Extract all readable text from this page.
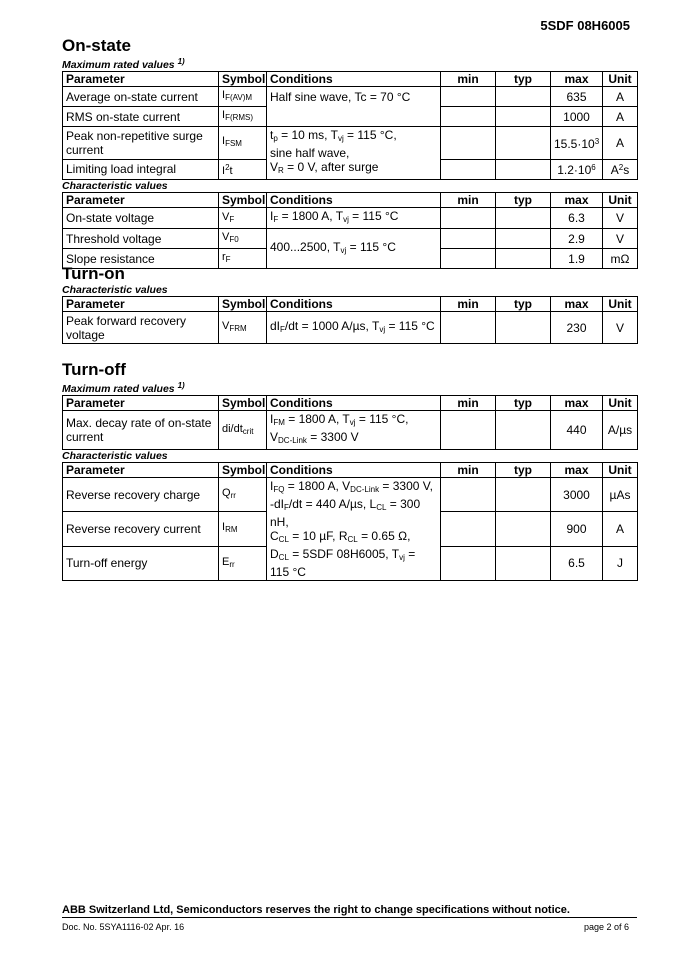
5SDF 08H6005
On-state

Maximum rated values $^{1)}$

Parameter	Symbol	Conditions	min	typ	max	Unit
Average on-state current	$I_{F(AV)M}$	Half sine wave, Tc = 70 °C			635	A
RMS on-state current	$I_{F(RMS)}$				1000	A
Peak non-repetitive surge current	$I_{FSM}$	$t_p = 10$ ms, $T_{vj} = 115$ °C,
sine half wave,
$V_R = 0$ V, after surge			$15.5\cdot 10^3$	A
Limiting load integral	$I^2t$				$1.2\cdot 10^6$	$A^2s$

Characteristic values

Parameter	Symbol	Conditions	min	typ	max	Unit
On-state voltage	$V_F$	$I_F = 1800$ A, $T_{vj} = 115$ °C			6.3	V
Threshold voltage	$V_{F0}$	400...2500, $T_{vj} = 115$ °C			2.9	V
Slope resistance	$r_F$				1.9	mΩ
Turn-on

Characteristic values

Parameter	Symbol	Conditions	min	typ	max	Unit
Peak forward recovery voltage	$V_{FRM}$	$dI_F/dt = 1000$ A/µs, $T_{vj} = 115$ °C			230	V
Turn-off

Maximum rated values $^{1)}$

Parameter	Symbol	Conditions	min	typ	max	Unit
Max. decay rate of on-state current	$di/dt_{crit}$	$I_{FM} = 1800$ A, $T_{vj} = 115$ °C,
$V_{DC-Link} = 3300$ V			440	A/µs

Characteristic values

Parameter	Symbol	Conditions	min	typ	max	Unit
Reverse recovery charge	$Q_{rr}$	$I_{FQ} = 1800$ A, $V_{DC-Link} = 3300$ V,
$-dI_F/dt = 440$ A/µs, $L_{CL} = 300$ nH,
$C_{CL} = 10$ µF, $R_{CL} = 0.65$ Ω,
$D_{CL} = 5SDF$ 08H6005, $T_{vj} = 115$ °C			3000	µAs
Reverse recovery current	$I_{RM}$				900	A
Turn-off energy	$E_{rr}$				6.5	J
ABB Switzerland Ltd, Semiconductors reserves the right to change specifications without notice.
Doc. No. 5SYA1116-02 Apr. 16	page 2 of 6
